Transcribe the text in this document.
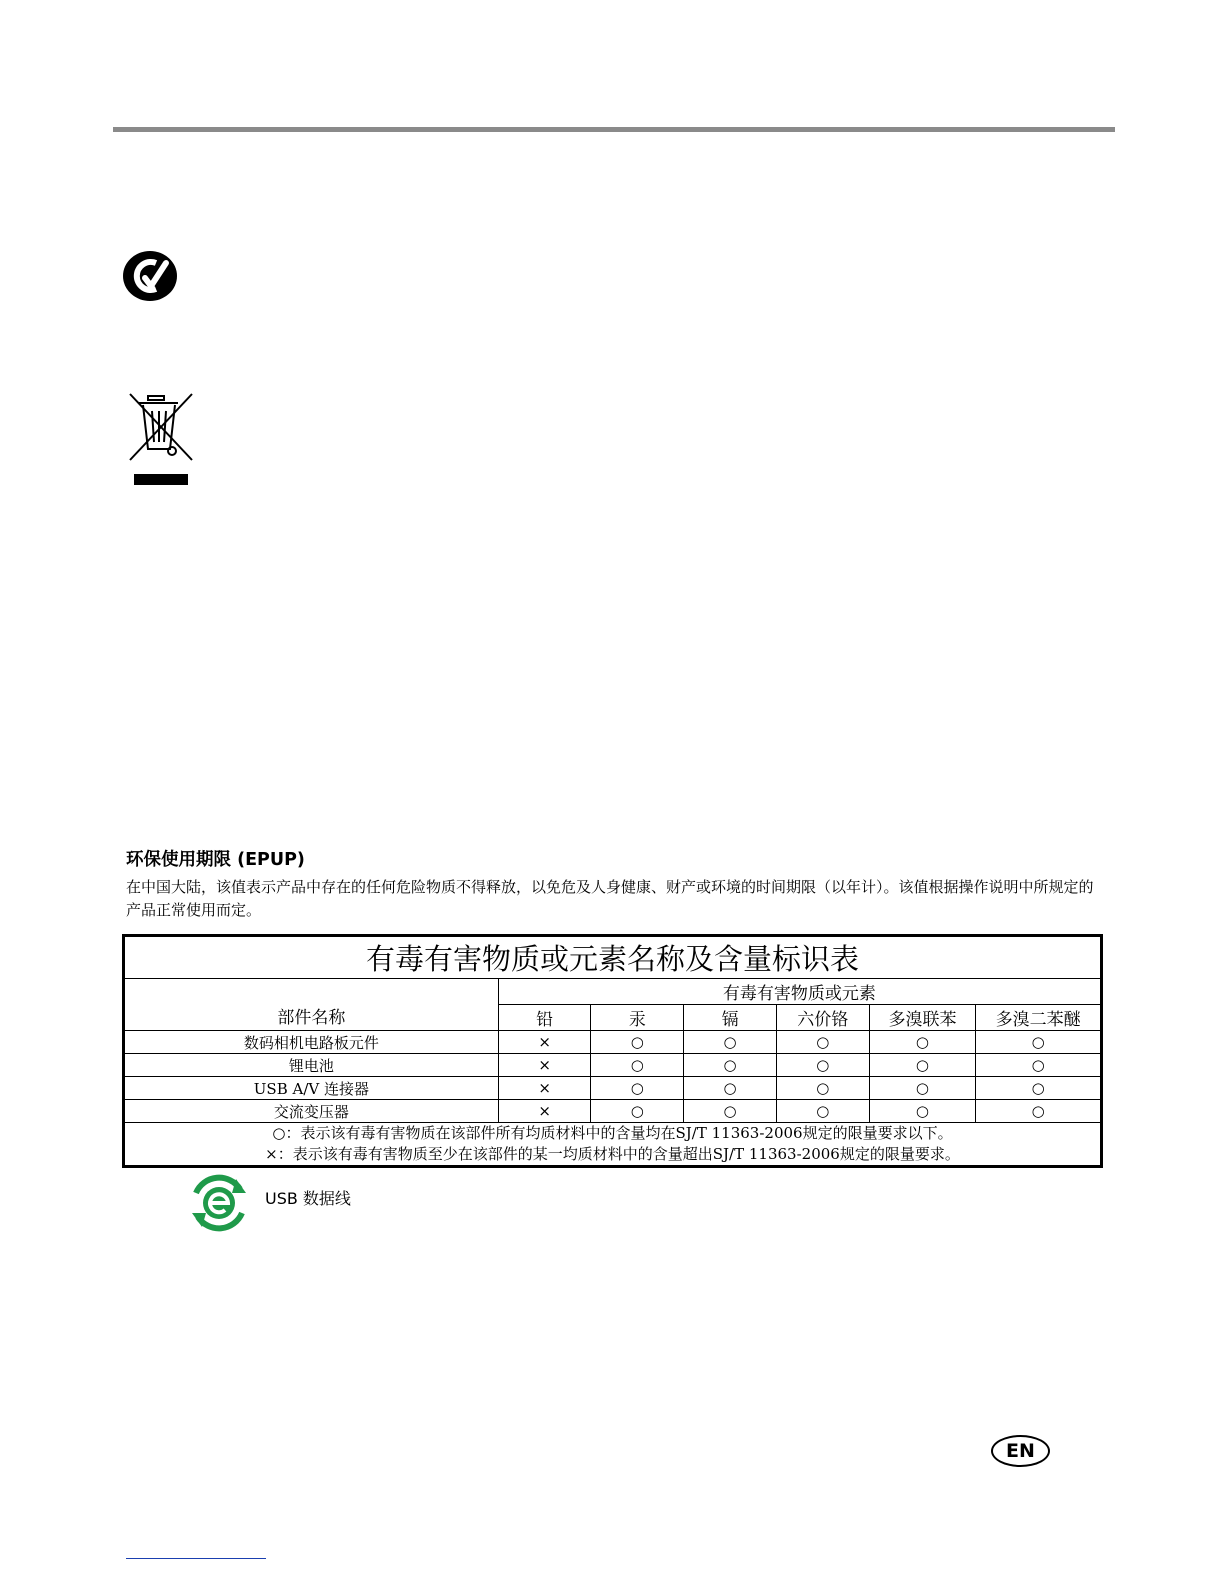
环保使用期限 (EPUP)
在中国大陆，该值表示产品中存在的任何危险物质不得释放，以免危及人身健康、财产或环境的时间期限（以年计）。该值根据操作说明中所规定的产品正常使用而定。
有毒有害物质或元素名称及含量标识表						
部件名称	有毒有害物质或元素					
	铅	汞	镉	六价铬	多溴联苯	多溴二苯醚
数码相机电路板元件	×	○	○	○	○	○
锂电池	×	○	○	○	○	○
USB A/V 连接器	×	○	○	○	○	○
交流变压器	×	○	○	○	○	○

○：表示该有毒有害物质在该部件所有均质材料中的含量均在SJ/T 11363-2006规定的限量要求以下。
×：表示该有毒有害物质至少在该部件的某一均质材料中的含量超出SJ/T 11363-2006规定的限量要求。						
USB 数据线
EN
